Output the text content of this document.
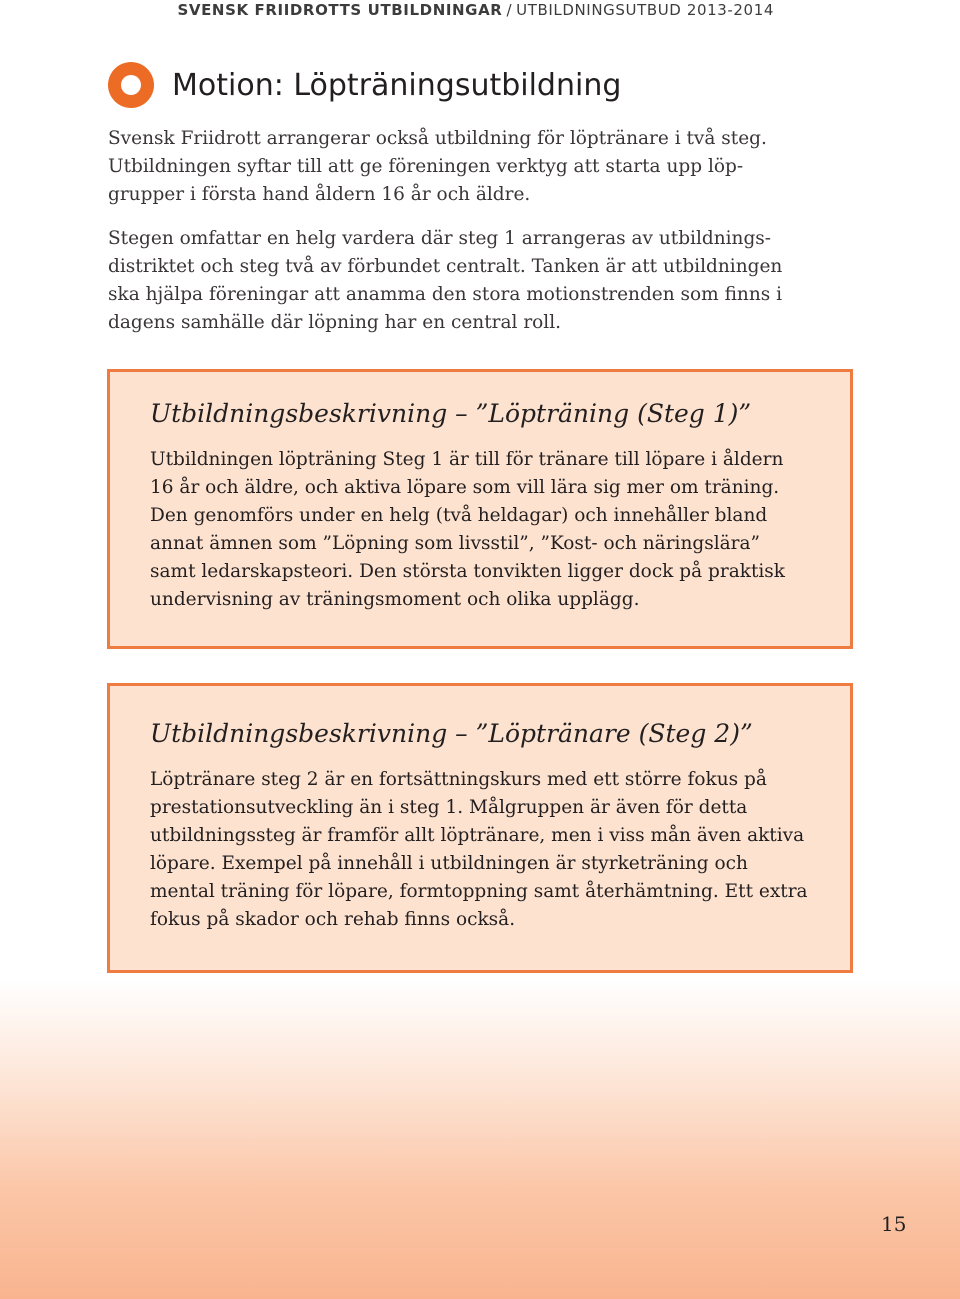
SVENSK FRIIDROTTS UTBILDNINGAR / UTBILDNINGSUTBUD 2013-2014
Motion: Löpträningsutbildning

Svensk Friidrott arrangerar också utbildning för löptränare i två steg. Utbildningen syftar till att ge föreningen verktyg att starta upp löpgrupper i första hand åldern 16 år och äldre.

Stegen omfattar en helg vardera där steg 1 arrangeras av utbildningsdistriktet och steg två av förbundet centralt. Tanken är att utbildningen ska hjälpa föreningar att anamma den stora motionstrenden som finns i dagens samhälle där löpning har en central roll.

Utbildningsbeskrivning – ”Löpträning (Steg 1)”

Utbildningen löpträning Steg 1 är till för tränare till löpare i åldern 16 år och äldre, och aktiva löpare som vill lära sig mer om träning. Den genomförs under en helg (två heldagar) och innehåller bland annat ämnen som ”Löpning som livsstil”, ”Kost- och näringslära” samt ledarskapsteori. Den största tonvikten ligger dock på praktisk undervisning av träningsmoment och olika upplägg.

Utbildningsbeskrivning – ”Löptränare (Steg 2)”

Löptränare steg 2 är en fortsättningskurs med ett större fokus på prestationsutveckling än i steg 1. Målgruppen är även för detta utbildningssteg är framför allt löptränare, men i viss mån även aktiva löpare. Exempel på innehåll i utbildningen är styrketräning och mental träning för löpare, formtoppning samt återhämtning. Ett extra fokus på skador och rehab finns också.

15
